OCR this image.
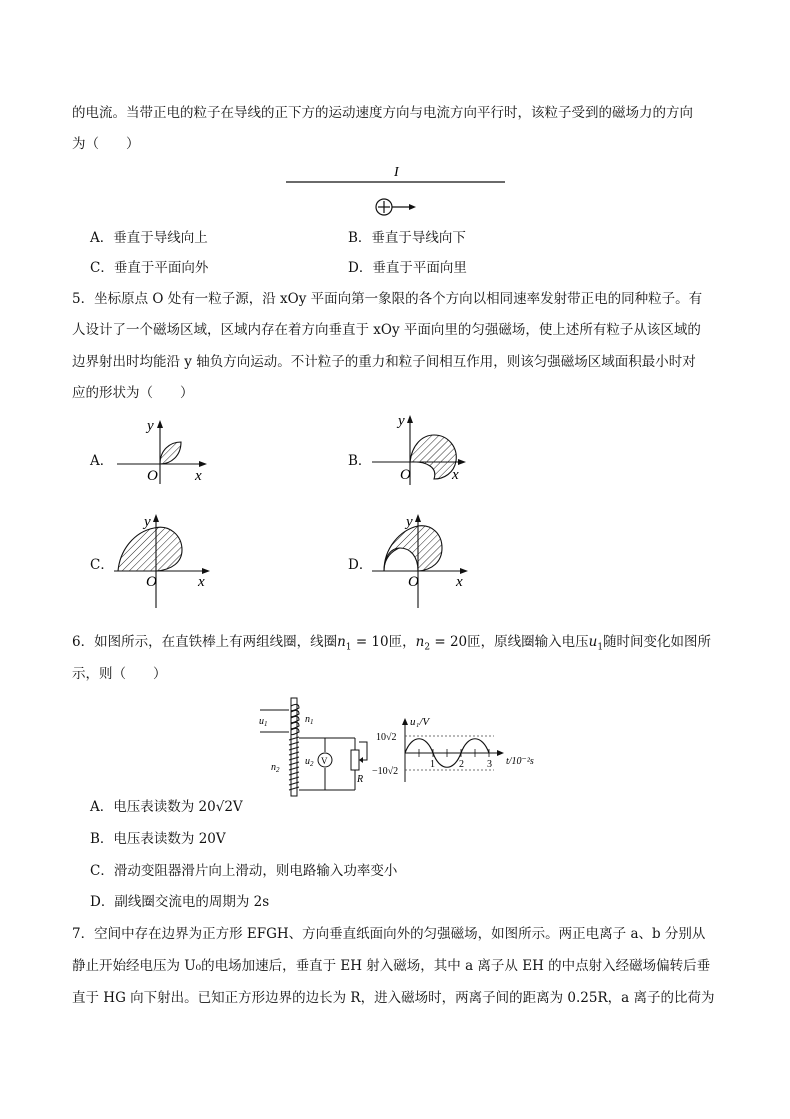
的电流。当带正电的粒子在导线的正下方的运动速度方向与电流方向平行时，该粒子受到的磁场力的方向
为（　　）
I
A．垂直于导线向上	B．垂直于导线向下
C．垂直于平面向外	D．垂直于平面向里
5．坐标原点 O 处有一粒子源，沿 xOy 平面向第一象限的各个方向以相同速率发射带正电的同种粒子。有
人设计了一个磁场区域，区域内存在着方向垂直于 xOy 平面向里的匀强磁场，使上述所有粒子从该区域的
边界射出时均能沿 y 轴负方向运动。不计粒子的重力和粒子间相互作用，则该匀强磁场区域面积最小时对
应的形状为（　　）
A．
y
x
O
B．
y
x
O
C．
y
x
O
D．
y
x
O
6．如图所示，在直铁棒上有两组线圈，线圈$n_1 = 10$匝，$n_2 = 20$匝，原线圈输入电压$u_1$随时间变化如图所
示，则（　　）
$u_1$	$n_1$
$n_2$
V
$u_2$
R
u₁/V
10√2
−10√2
1 2 3 t/10⁻²s
A．电压表读数为 20√2V
B．电压表读数为 20V
C．滑动变阻器滑片向上滑动，则电路输入功率变小
D．副线圈交流电的周期为 2s
7．空间中存在边界为正方形 EFGH、方向垂直纸面向外的匀强磁场，如图所示。两正电离子 a、b 分别从
静止开始经电压为 U₀的电场加速后，垂直于 EH 射入磁场，其中 a 离子从 EH 的中点射入经磁场偏转后垂
直于 HG 向下射出。已知正方形边界的边长为 R，进入磁场时，两离子间的距离为 0.25R，a 离子的比荷为
